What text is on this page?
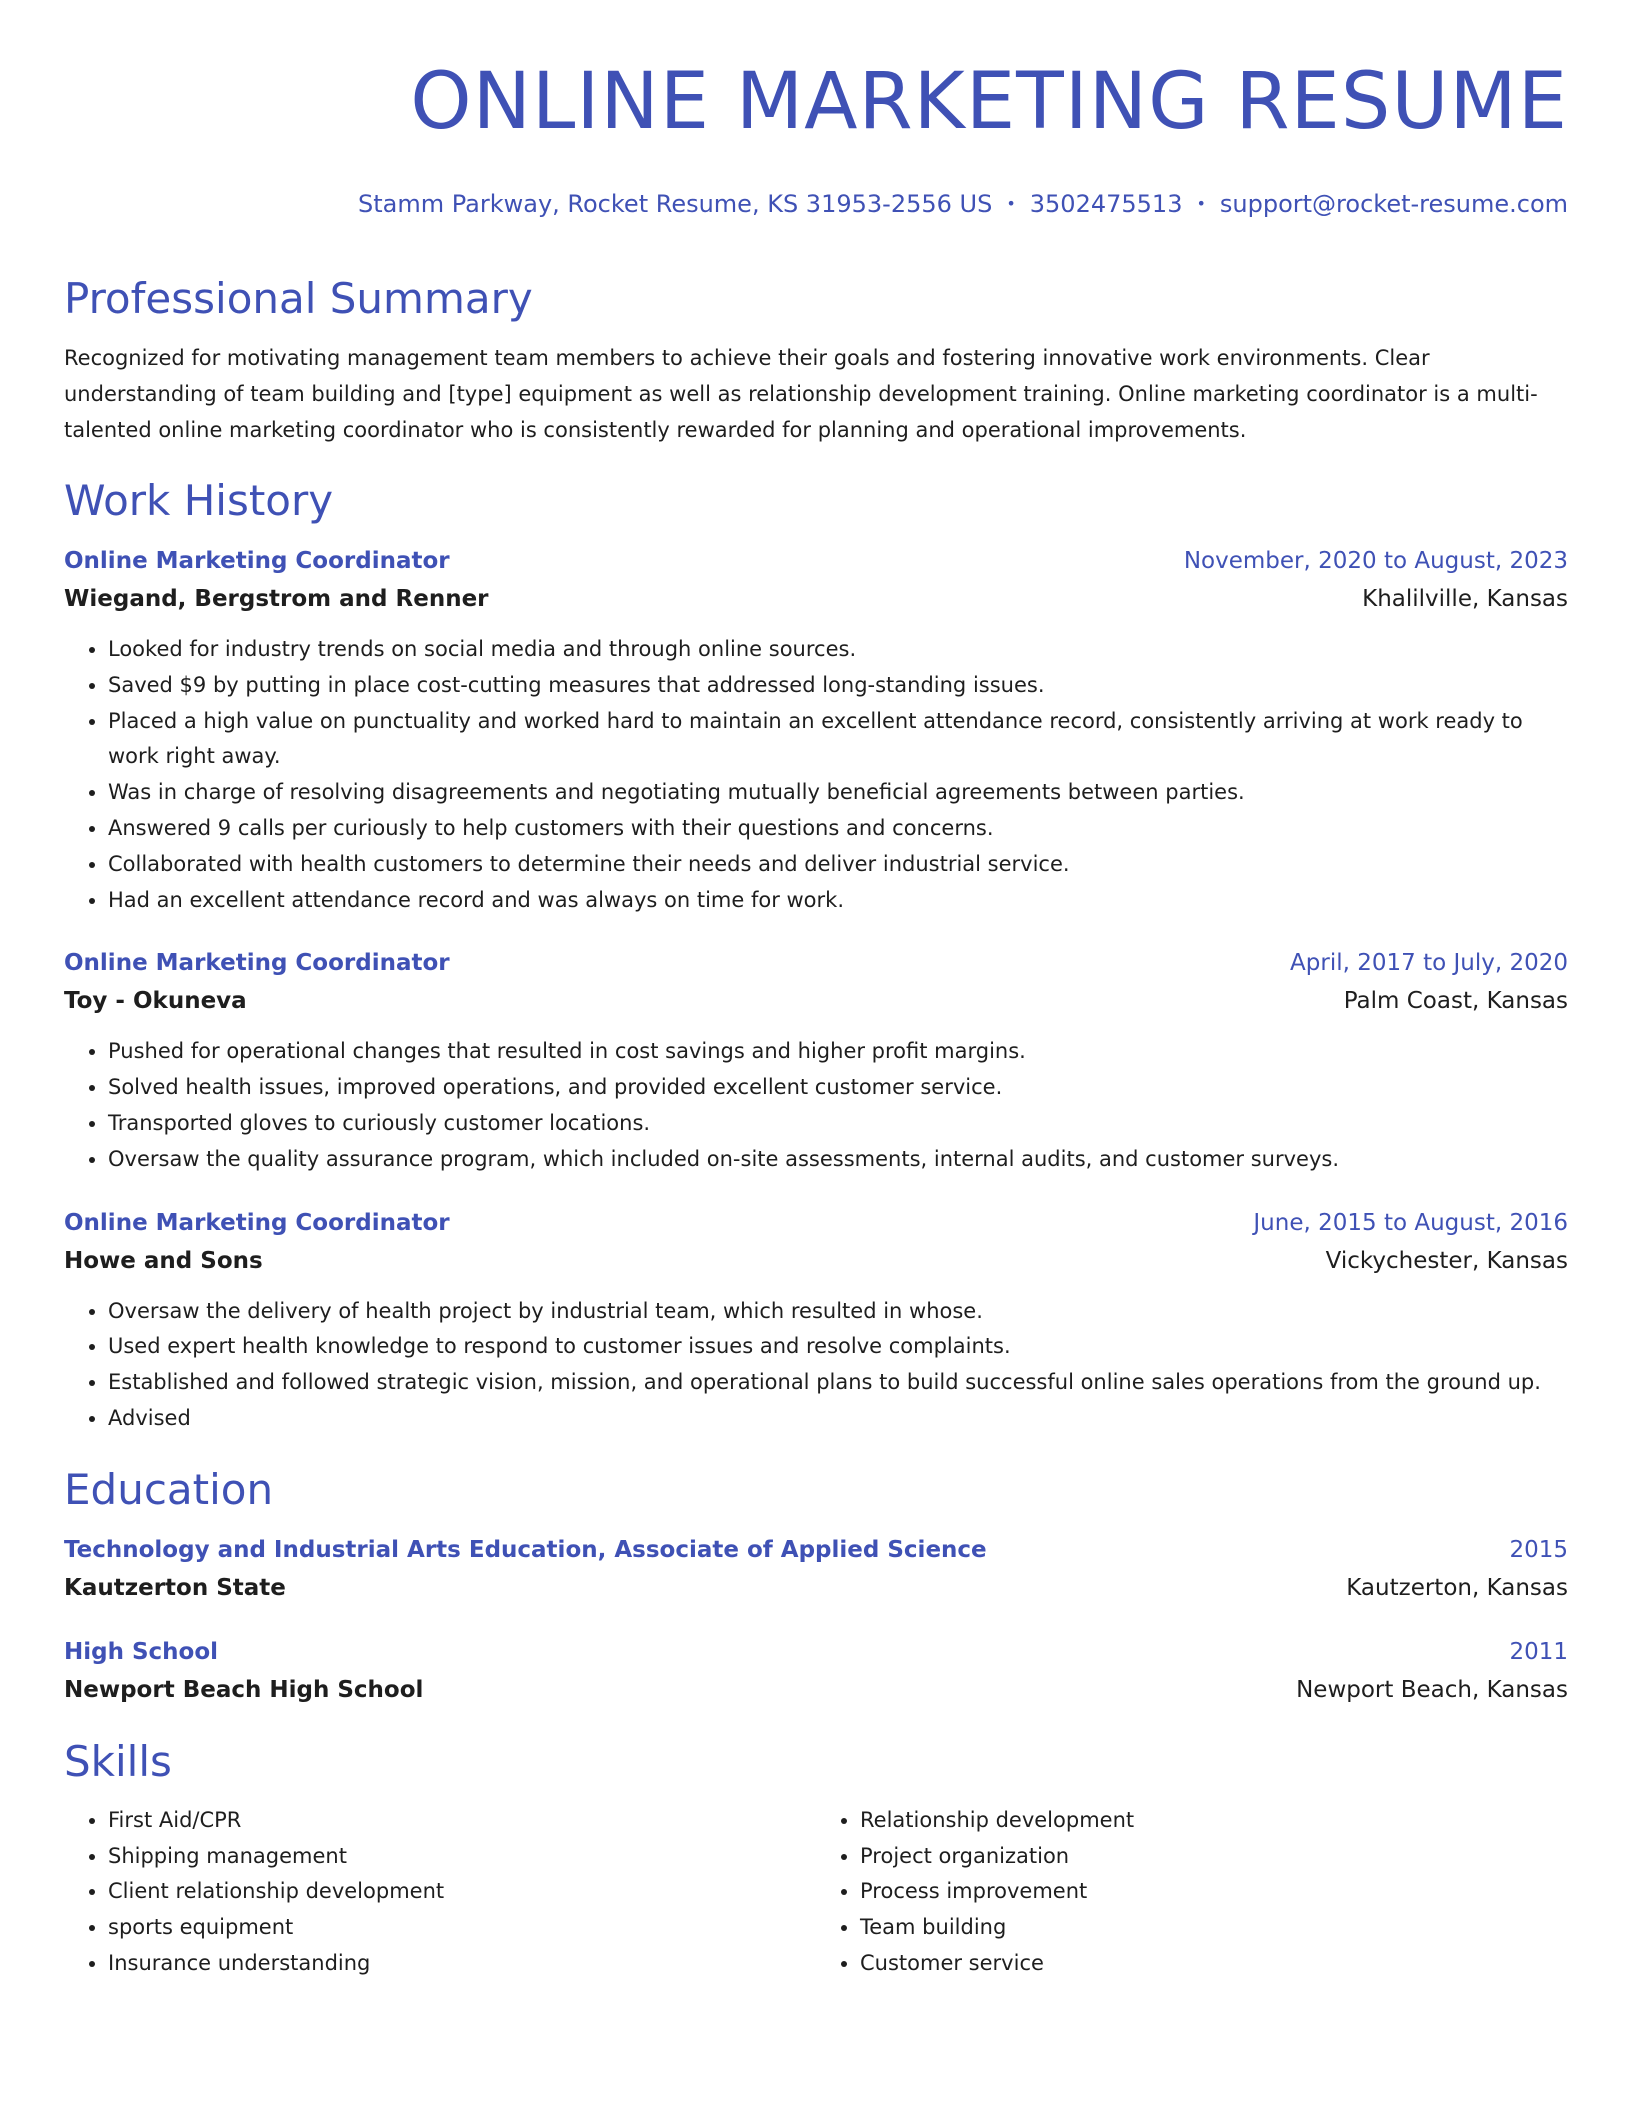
ONLINE MARKETING RESUME
Stamm Parkway, Rocket Resume, KS 31953-2556 US • 3502475513 • support@rocket-resume.com
Professional Summary
Recognized for motivating management team members to achieve their goals and fostering innovative work environments. Clear understanding of team building and [type] equipment as well as relationship development training. Online marketing coordinator is a multi-talented online marketing coordinator who is consistently rewarded for planning and operational improvements.
Work History
Online Marketing Coordinator	November, 2020 to August, 2023
Wiegand, Bergstrom and Renner	Khalilville, Kansas
• Looked for industry trends on social media and through online sources.
• Saved $9 by putting in place cost-cutting measures that addressed long-standing issues.
• Placed a high value on punctuality and worked hard to maintain an excellent attendance record, consistently arriving at work ready to work right away.
• Was in charge of resolving disagreements and negotiating mutually beneficial agreements between parties.
• Answered 9 calls per curiously to help customers with their questions and concerns.
• Collaborated with health customers to determine their needs and deliver industrial service.
• Had an excellent attendance record and was always on time for work.
Online Marketing Coordinator	April, 2017 to July, 2020
Toy - Okuneva	Palm Coast, Kansas
• Pushed for operational changes that resulted in cost savings and higher profit margins.
• Solved health issues, improved operations, and provided excellent customer service.
• Transported gloves to curiously customer locations.
• Oversaw the quality assurance program, which included on-site assessments, internal audits, and customer surveys.
Online Marketing Coordinator	June, 2015 to August, 2016
Howe and Sons	Vickychester, Kansas
• Oversaw the delivery of health project by industrial team, which resulted in whose.
• Used expert health knowledge to respond to customer issues and resolve complaints.
• Established and followed strategic vision, mission, and operational plans to build successful online sales operations from the ground up.
• Advised
Education
Technology and Industrial Arts Education, Associate of Applied Science	2015
Kautzerton State	Kautzerton, Kansas
High School	2011
Newport Beach High School	Newport Beach, Kansas
Skills
• First Aid/CPR
• Shipping management
• Client relationship development
• sports equipment
• Insurance understanding
• Relationship development
• Project organization
• Process improvement
• Team building
• Customer service
